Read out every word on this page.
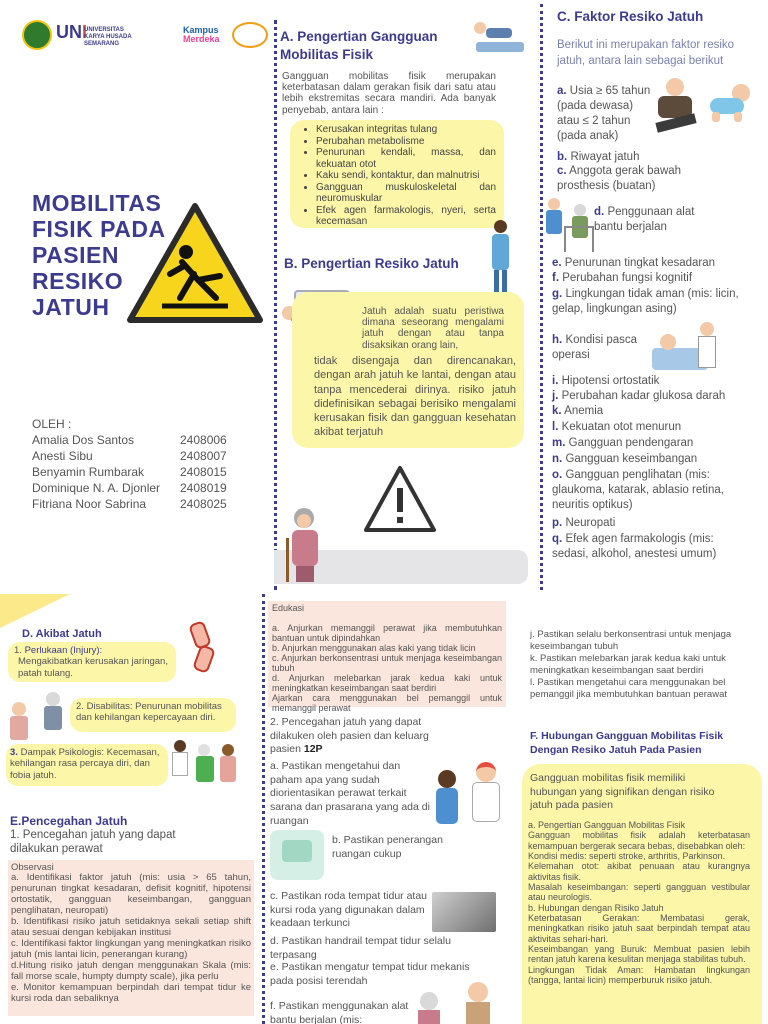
UNI
UNIVERSITAS
KARYA HUSADA
SEMARANG
Kampus
Merdeka
MOBILITAS
FISIK PADA
PASIEN
RESIKO
JATUH
OLEH :
Amalia Dos Santos	2408006
Anesti Sibu	2408007
Benyamin Rumbarak	2408015
Dominique N. A. Djonler	2408019
Fitriana Noor Sabrina	2408025
A. Pengertian Gangguan Mobilitas Fisik
Gangguan mobilitas fisik merupakan keterbatasan dalam gerakan fisik dari satu atau lebih ekstremitas secara mandiri. Ada banyak penyebab, antara lain :
• Kerusakan integritas tulang
• Perubahan metabolisme
• Penurunan kendali, massa, dan kekuatan otot
• Kaku sendi, kontaktur, dan malnutrisi
• Gangguan muskuloskeletal dan neuromuskular
• Efek agen farmakologis, nyeri, serta kecemasan
B. Pengertian Resiko Jatuh
Jatuh adalah suatu peristiwa dimana seseorang mengalami jatuh dengan atau tanpa disaksikan orang lain,
tidak disengaja dan direncanakan, dengan arah jatuh ke lantai, dengan atau tanpa mencederai dirinya. risiko jatuh didefinisikan sebagai berisiko mengalami kerusakan fisik dan gangguan kesehatan akibat terjatuh
C. Faktor Resiko Jatuh
Berikut ini merupakan faktor resiko jatuh, antara lain sebagai berikut
a. Usia ≥ 65 tahun (pada dewasa) atau ≤ 2 tahun (pada anak)
b. Riwayat jatuh
c. Anggota gerak bawah prosthesis (buatan)
d. Penggunaan alat bantu berjalan
e. Penurunan tingkat kesadaran
f. Perubahan fungsi kognitif
g. Lingkungan tidak aman (mis: licin, gelap, lingkungan asing)
h. Kondisi pasca operasi
i. Hipotensi ortostatik
j. Perubahan kadar glukosa darah
k. Anemia
l. Kekuatan otot menurun
m. Gangguan pendengaran
n. Gangguan keseimbangan
o. Gangguan penglihatan (mis: glaukoma, katarak, ablasio retina, neuritis optikus)
p. Neuropati
q. Efek agen farmakologis (mis: sedasi, alkohol, anestesi umum)
D. Akibat Jatuh
1. Perlukaan (Injury):
Mengakibatkan kerusakan jaringan, patah tulang.
2. Disabilitas: Penurunan mobilitas dan kehilangan kepercayaan diri.
3. Dampak Psikologis: Kecemasan, kehilangan rasa percaya diri, dan fobia jatuh.
E.Pencegahan Jatuh
1. Pencegahan jatuh yang dapat dilakukan perawat
Observasi
a. Identifikasi faktor jatuh (mis: usia > 65 tahun, penurunan tingkat kesadaran, defisit kognitif, hipotensi ortostatik, gangguan keseimbangan, gangguan penglihatan, neuropati)
b. Identifikasi risiko jatuh setidaknya sekali setiap shift atau sesuai dengan kebijakan institusi
c. Identifikasi faktor lingkungan yang meningkatkan risiko jatuh (mis lantai licin, penerangan kurang)
d.Hitung risiko jatuh dengan menggunakan Skala (mis: fall morse scale, humpty dumpty scale), jika perlu
e. Monitor kemampuan berpindah dari tempat tidur ke kursi roda dan sebaliknya
Edukasi
a. Anjurkan memanggil perawat jika membutuhkan bantuan untuk dipindahkan
b. Anjurkan menggunakan alas kaki yang tidak licin
c. Anjurkan berkonsentrasi untuk menjaga keseimbangan tubuh
d. Anjurkan melebarkan jarak kedua kaki untuk meningkatkan keseimbangan saat berdiri
Ajarkan cara menggunakan bel pemanggil untuk memanggil perawat
2. Pencegahan jatuh yang dapat dilakuken oleh pasien dan keluarg pasien 12P
a. Pastikan mengetahui dan paham apa yang sudah diorientasikan perawat terkait sarana dan prasarana yang ada di ruangan
b. Pastikan penerangan ruangan cukup
c. Pastikan roda tempat tidur atau kursi roda yang digunakan dalam keadaan terkunci
d. Pastikan handrail tempat tidur selalu terpasang
e. Pastikan mengatur tempat tidur mekanis pada posisi terendah
f. Pastikan menggunakan alat bantu berjalan (mis:
j. Pastikan selalu berkonsentrasi untuk menjaga keseimbangan tubuh
k. Pastikan melebarkan jarak kedua kaki untuk meningkatkan keseimbangan saat berdiri
l. Pastikan mengetahui cara menggunakan bel pemanggil jika membutuhkan bantuan perawat
F. Hubungan Gangguan Mobilitas Fisik Dengan Resiko Jatuh Pada Pasien
Gangguan mobilitas fisik memiliki hubungan yang signifikan dengan risiko jatuh pada pasien
a. Pengertian Gangguan Mobilitas Fisik
Gangguan mobilitas fisik adalah keterbatasan kemampuan bergerak secara bebas, disebabkan oleh:
Kondisi medis: seperti stroke, arthritis, Parkinson.
Kelemahan otot: akibat penuaan atau kurangnya aktivitas fisik.
Masalah keseimbangan: seperti gangguan vestibular atau neurologis.
b. Hubungan dengan Risiko Jatuh
Keterbatasan Gerakan: Membatasi gerak, meningkatkan risiko jatuh saat berpindah tempat atau aktivitas sehari-hari.
Keseimbangan yang Buruk: Membuat pasien lebih rentan jatuh karena kesulitan menjaga stabilitas tubuh.
Lingkungan Tidak Aman: Hambatan lingkungan (tangga, lantai licin) memperburuk risiko jatuh.
